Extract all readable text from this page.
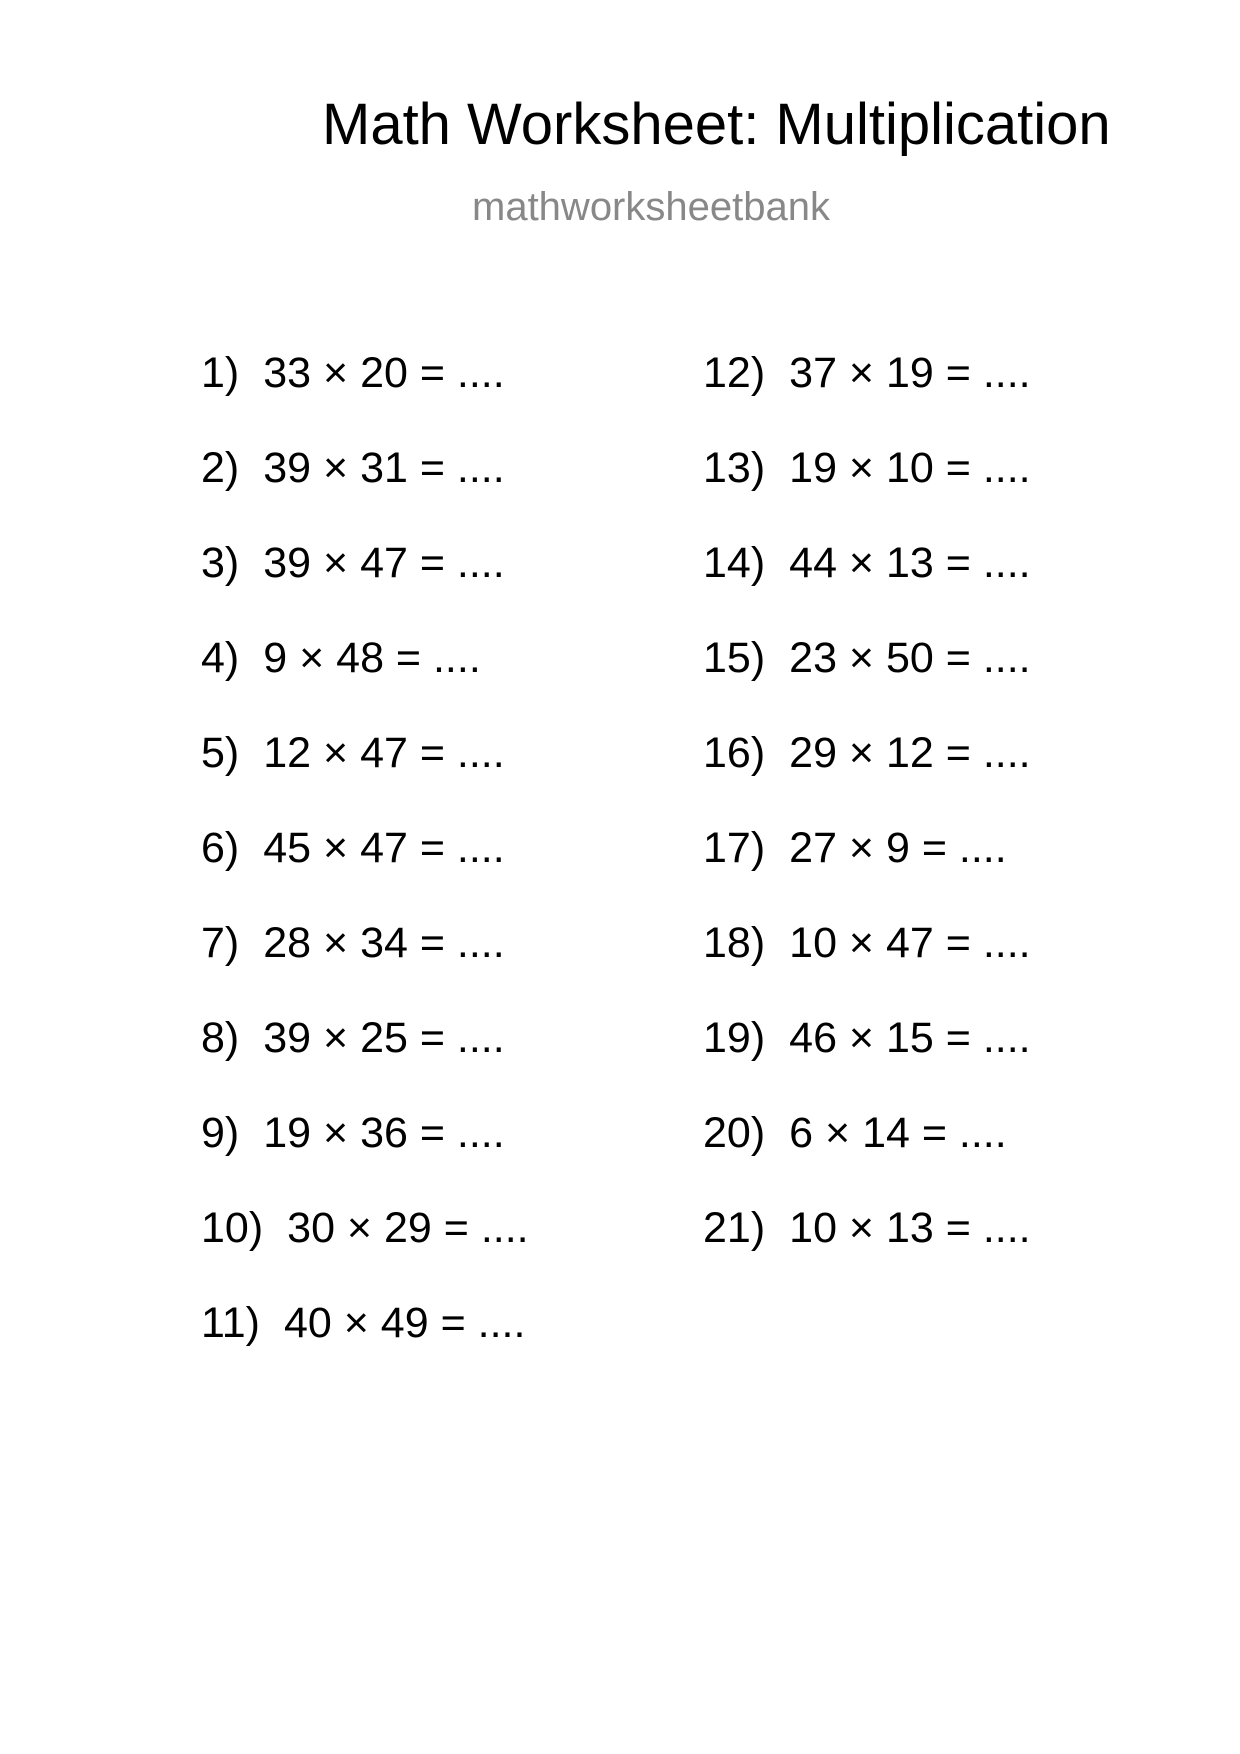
Math Worksheet: Multiplication
mathworksheetbank
1) 33 × 20 = ....
2) 39 × 31 = ....
3) 39 × 47 = ....
4) 9 × 48 = ....
5) 12 × 47 = ....
6) 45 × 47 = ....
7) 28 × 34 = ....
8) 39 × 25 = ....
9) 19 × 36 = ....
10) 30 × 29 = ....
11) 40 × 49 = ....
12) 37 × 19 = ....
13) 19 × 10 = ....
14) 44 × 13 = ....
15) 23 × 50 = ....
16) 29 × 12 = ....
17) 27 × 9 = ....
18) 10 × 47 = ....
19) 46 × 15 = ....
20) 6 × 14 = ....
21) 10 × 13 = ....
